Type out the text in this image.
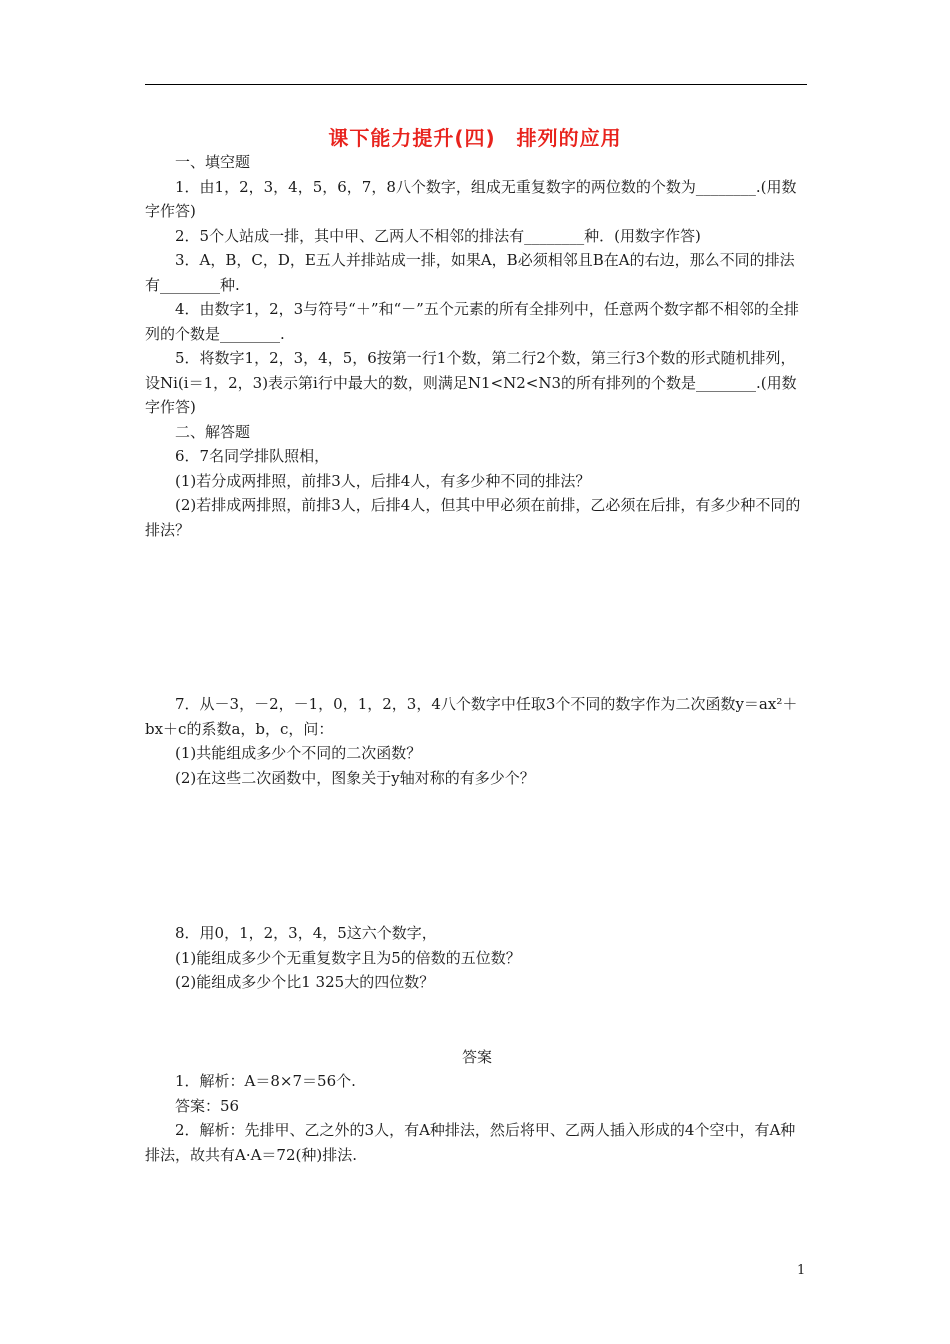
课下能力提升(四)　排列的应用

一、填空题

1．由1，2，3，4，5，6，7，8八个数字，组成无重复数字的两位数的个数为________.(用数字作答)

2．5个人站成一排，其中甲、乙两人不相邻的排法有________种．(用数字作答)

3．A，B，C，D，E五人并排站成一排，如果A，B必须相邻且B在A的右边，那么不同的排法有________种.

4．由数字1，2，3与符号“＋”和“－”五个元素的所有全排列中，任意两个数字都不相邻的全排列的个数是________.

5．将数字1，2，3，4，5，6按第一行1个数，第二行2个数，第三行3个数的形式随机排列，设Ni(i＝1，2，3)表示第i行中最大的数，则满足N1<N2<N3的所有排列的个数是________.(用数字作答)

二、解答题

6．7名同学排队照相，

(1)若分成两排照，前排3人，后排4人，有多少种不同的排法？

(2)若排成两排照，前排3人，后排4人，但其中甲必须在前排，乙必须在后排，有多少种不同的排法？

7．从－3，－2，－1，0，1，2，3，4八个数字中任取3个不同的数字作为二次函数y＝ax²＋bx＋c的系数a，b，c，问：

(1)共能组成多少个不同的二次函数？

(2)在这些二次函数中，图象关于y轴对称的有多少个？

8．用0，1，2，3，4，5这六个数字，

(1)能组成多少个无重复数字且为5的倍数的五位数？

(2)能组成多少个比1 325大的四位数？

答案

1．解析：A＝8×7＝56个.

答案：56

2．解析：先排甲、乙之外的3人，有A种排法，然后将甲、乙两人插入形成的4个空中，有A种排法，故共有A·A＝72(种)排法.

1
